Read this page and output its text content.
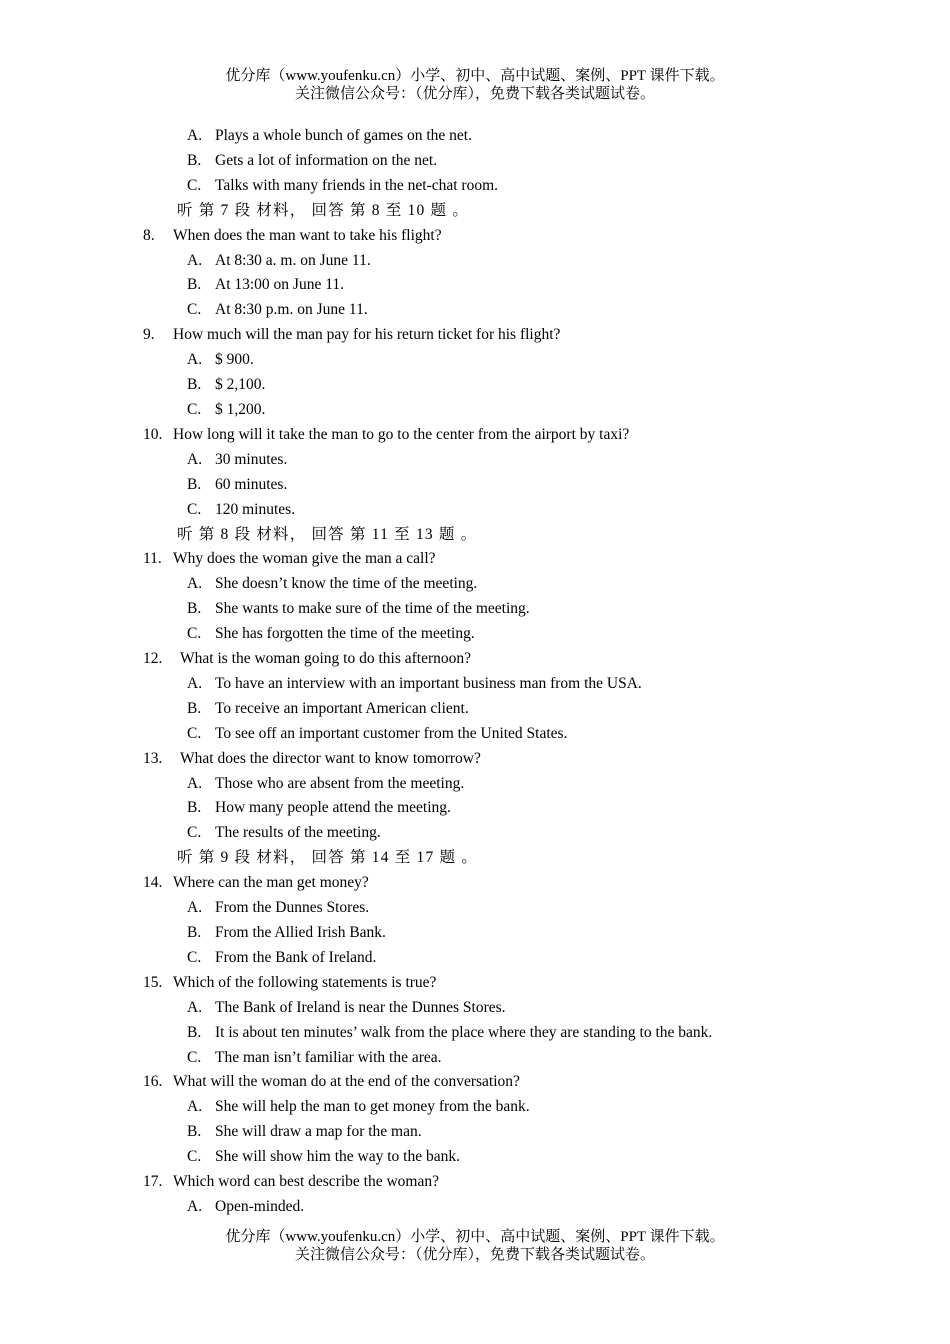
优分库（www.youfenku.cn）小学、初中、高中试题、案例、PPT 课件下载。
关注微信公众号：（优分库），免费下载各类试题试卷。
A. Plays a whole bunch of games on the net.
B. Gets a lot of information on the net.
C. Talks with many friends in the net-chat room.
听 第 7 段 材料， 回答 第 8 至 10 题 。
8. When does the man want to take his flight?
A. At 8:30 a. m. on June 11.
B. At 13:00 on June 11.
C. At 8:30 p.m. on June 11.
9. How much will the man pay for his return ticket for his flight?
A. $ 900.
B. $ 2,100.
C. $ 1,200.
10. How long will it take the man to go to the center from the airport by taxi?
A. 30 minutes.
B. 60 minutes.
C. 120 minutes.
听 第 8 段 材料， 回答 第 11 至 13 题 。
11. Why does the woman give the man a call?
A. She doesn’t know the time of the meeting.
B. She wants to make sure of the time of the meeting.
C. She has forgotten the time of the meeting.
12. What is the woman going to do this afternoon?
A. To have an interview with an important business man from the USA.
B. To receive an important American client.
C. To see off an important customer from the United States.
13. What does the director want to know tomorrow?
A. Those who are absent from the meeting.
B. How many people attend the meeting.
C. The results of the meeting.
听 第 9 段 材料， 回答 第 14 至 17 题 。
14. Where can the man get money?
A. From the Dunnes Stores.
B. From the Allied Irish Bank.
C. From the Bank of Ireland.
15. Which of the following statements is true?
A. The Bank of Ireland is near the Dunnes Stores.
B. It is about ten minutes’ walk from the place where they are standing to the bank.
C. The man isn’t familiar with the area.
16. What will the woman do at the end of the conversation?
A. She will help the man to get money from the bank.
B. She will draw a map for the man.
C. She will show him the way to the bank.
17. Which word can best describe the woman?
A. Open-minded.
优分库（www.youfenku.cn）小学、初中、高中试题、案例、PPT 课件下载。
关注微信公众号：（优分库），免费下载各类试题试卷。
